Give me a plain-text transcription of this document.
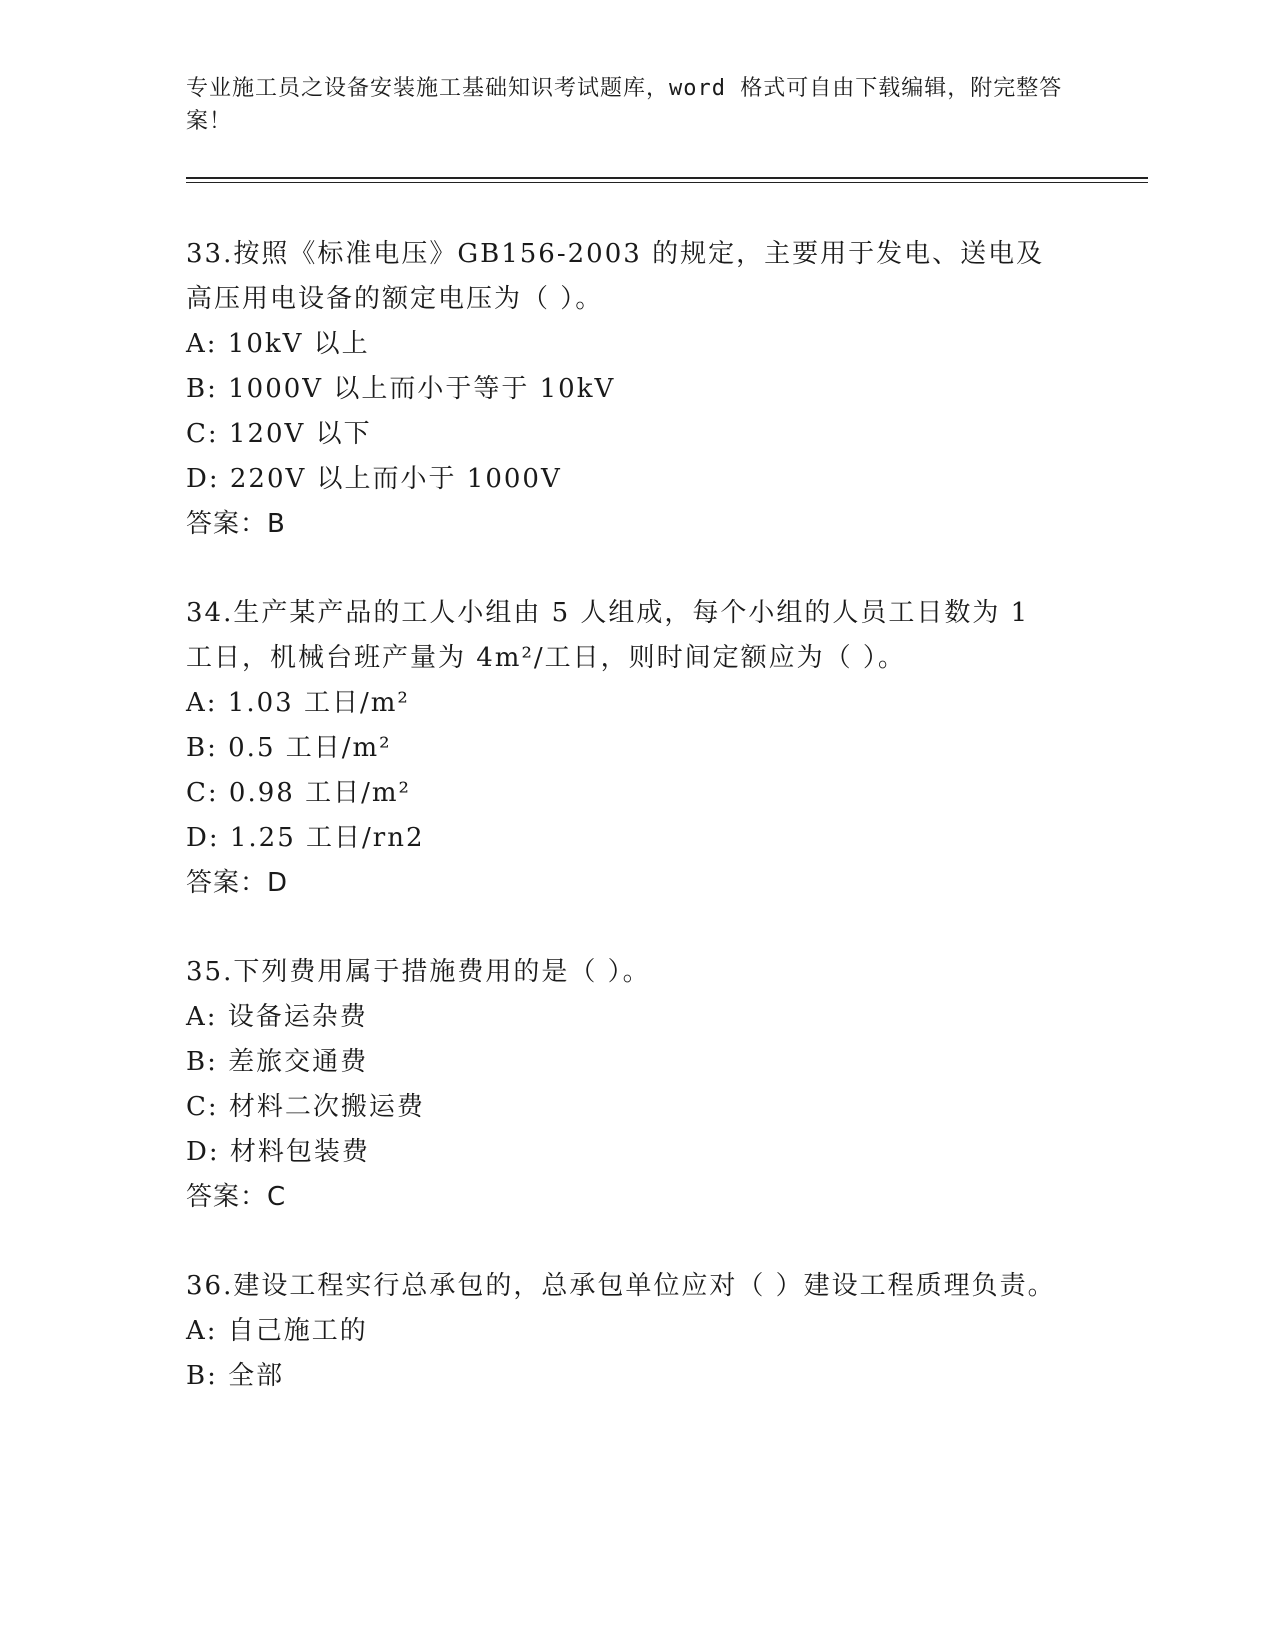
专业施工员之设备安装施工基础知识考试题库，word 格式可自由下载编辑，附完整答案！
33.按照《标准电压》GB156-2003 的规定，主要用于发电、送电及高压用电设备的额定电压为（ ）。
A: 10kV 以上
B: 1000V 以上而小于等于 10kV
C: 120V 以下
D: 220V 以上而小于 1000V
答案：B
34.生产某产品的工人小组由 5 人组成，每个小组的人员工日数为 1 工日，机械台班产量为 4m²/工日，则时间定额应为（ ）。
A: 1.03 工日/m²
B: 0.5 工日/m²
C: 0.98 工日/m²
D: 1.25 工日/rn2
答案：D
35.下列费用属于措施费用的是（ ）。
A: 设备运杂费
B: 差旅交通费
C: 材料二次搬运费
D: 材料包装费
答案：C
36.建设工程实行总承包的，总承包单位应对（ ）建设工程质理负责。
A: 自己施工的
B: 全部
